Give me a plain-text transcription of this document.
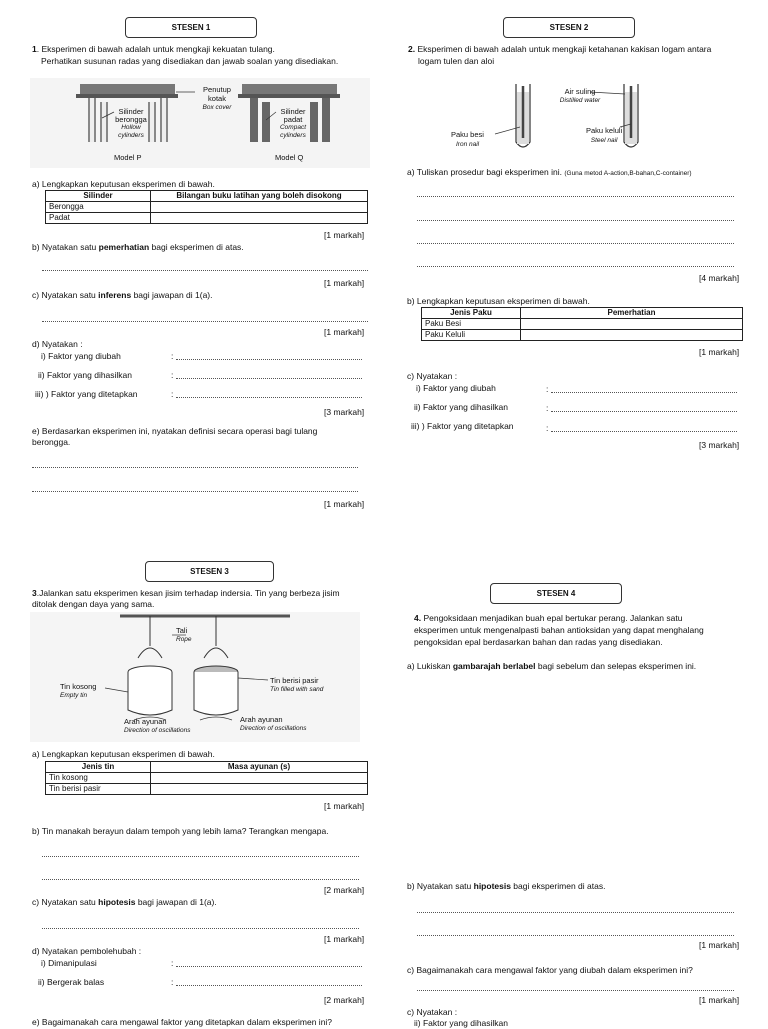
STESEN 1
1. Eksperimen di bawah adalah untuk mengkaji kekuatan tulang.
Perhatikan susunan radas yang disediakan dan jawab soalan yang disediakan.
Penutup kotak
Box cover
Silinder berongga
Hollow cylinders
Silinder padat
Compact cylinders
Model P	Model Q
a) Lengkapkan keputusan eksperimen di bawah.
Silinder	Bilangan buku latihan yang boleh disokong
Berongga	
Padat	
[1 markah]
b) Nyatakan satu pemerhatian bagi eksperimen di atas.
[1 markah]
c) Nyatakan satu inferens bagi jawapan di 1(a).
[1 markah]
d) Nyatakan :
i) Faktor yang diubah	:
ii) Faktor yang dihasilkan	:
iii) ) Faktor yang ditetapkan	:
[3 markah]
e) Berdasarkan eksperimen ini, nyatakan definisi secara operasi bagi tulang
berongga.
[1 markah]
STESEN 2
2. Eksperimen di bawah adalah untuk mengkaji ketahanan kakisan logam antara
logam tulen dan aloi
Air suling
Distilled water
Paku besi
Iron nail
Paku keluli
Steel nail
a) Tuliskan prosedur bagi eksperimen ini. (Guna metod A-action,B-bahan,C-container)
[4 markah]
b) Lengkapkan keputusan eksperimen di bawah.
Jenis Paku	Pemerhatian
Paku Besi	
Paku Keluli	
[1 markah]
c) Nyatakan :
i) Faktor yang diubah	:
ii) Faktor yang dihasilkan	:
iii) ) Faktor yang ditetapkan	:
[3 markah]
STESEN 3
3.Jalankan satu eksperimen kesan jisim terhadap indersia. Tin yang berbeza jisim
ditolak dengan daya yang sama.
Tali
Rope
Tin kosong
Empty tin
Tin berisi pasir
Tin filled with sand
Arah ayunan
Direction of oscillations
Arah ayunan
Direction of oscillations
a) Lengkapkan keputusan eksperimen di bawah.
Jenis tin	Masa ayunan (s)
Tin kosong	
Tin berisi pasir	
[1 markah]
b) Tin manakah berayun dalam tempoh yang lebih lama? Terangkan mengapa.
[2 markah]
c) Nyatakan satu hipotesis bagi jawapan di 1(a).
[1 markah]
d) Nyatakan pembolehubah :
i) Dimanipulasi	:
ii) Bergerak balas	:
[2 markah]
e) Bagaimanakah cara mengawal faktor yang ditetapkan dalam eksperimen ini?
STESEN 4
4. Pengoksidaan menjadikan buah epal bertukar perang. Jalankan satu
eksperimen untuk mengenalpasti bahan antioksidan yang dapat menghalang
pengoksidan epal berdasarkan bahan dan radas yang disediakan.
a) Lukiskan gambarajah berlabel bagi sebelum dan selepas eksperimen ini.
b) Nyatakan satu hipotesis bagi eksperimen di atas.
[1 markah]
c) Bagaimanakah cara mengawal faktor yang diubah dalam eksperimen ini?
[1 markah]
c) Nyatakan :
ii) Faktor yang dihasilkan
